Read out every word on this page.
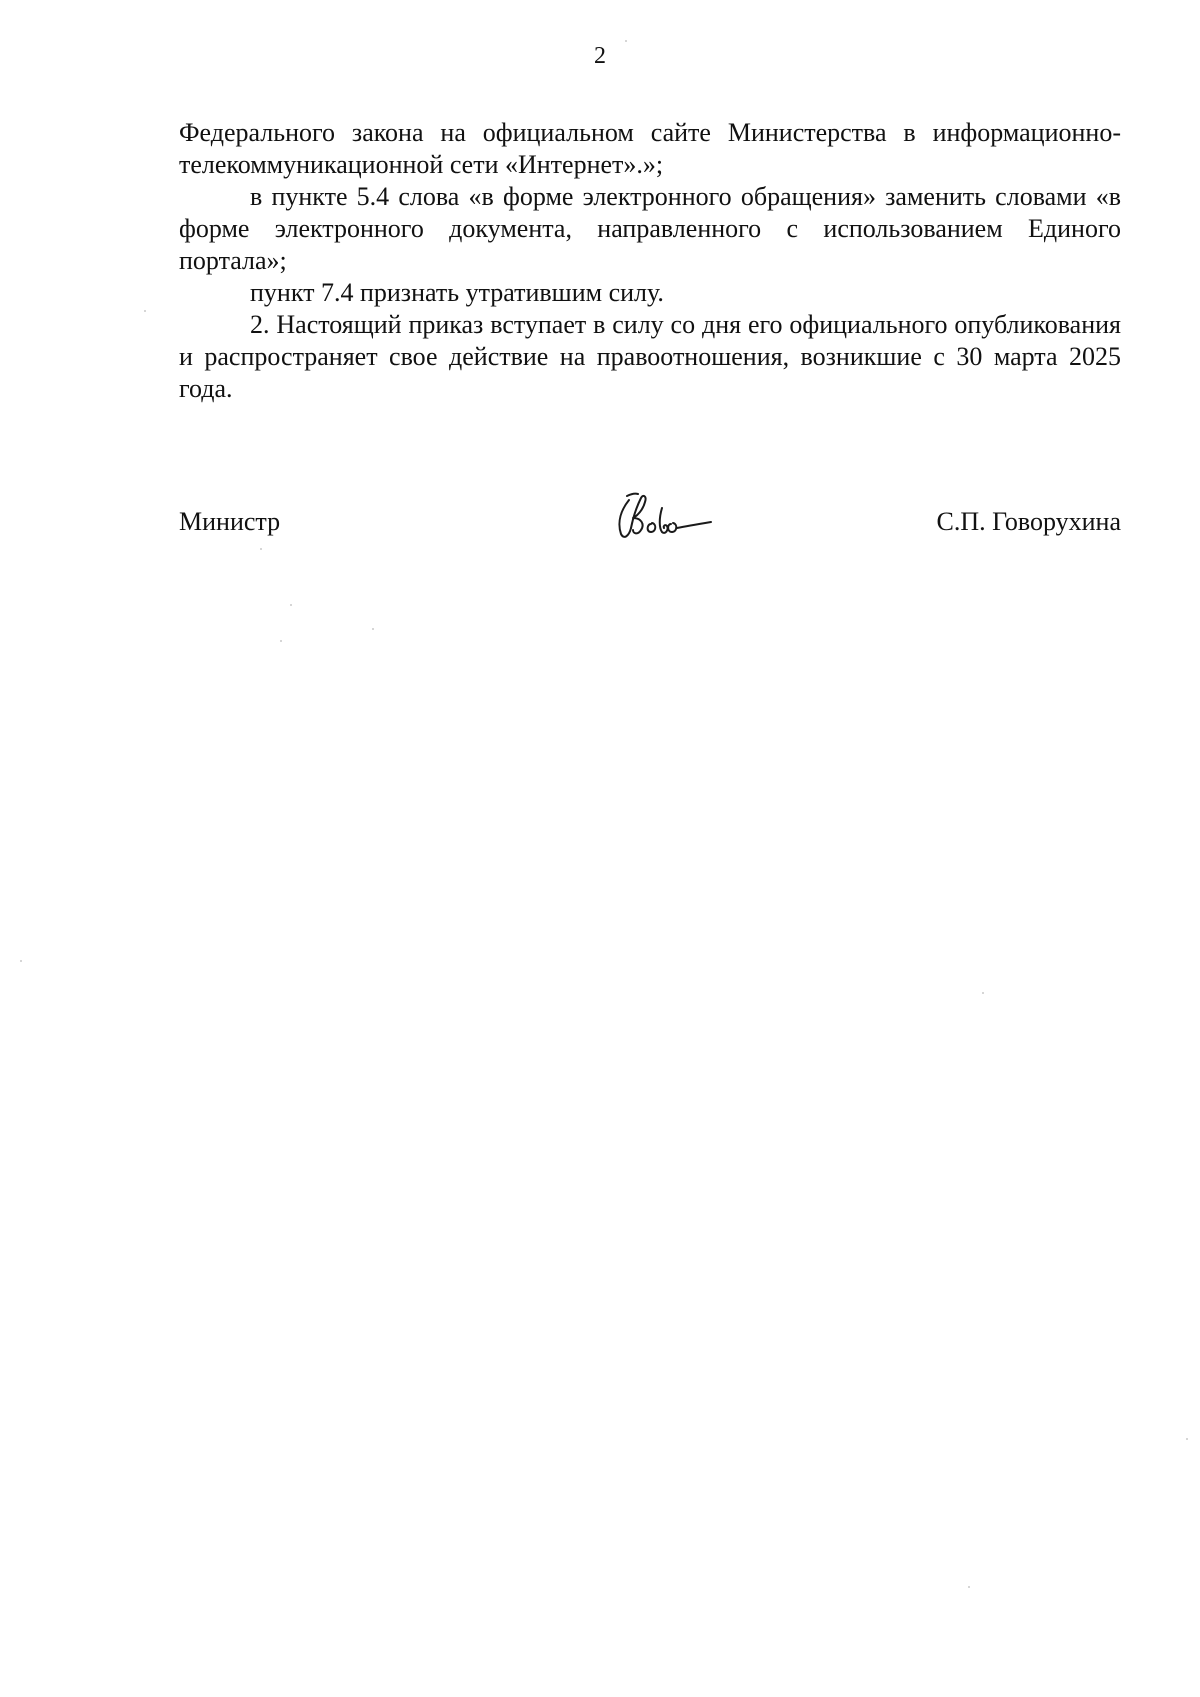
2

Федерального закона на официальном сайте Министерства в информационно-телекоммуникационной сети «Интернет».»;

в пункте 5.4 слова «в форме электронного обращения» заменить словами «в форме электронного документа, направленного с использованием Единого портала»;

пункт 7.4 признать утратившим силу.

2. Настоящий приказ вступает в силу со дня его официального опубликования и распространяет свое действие на правоотношения, возникшие с 30 марта 2025 года.

Министр	С.П. Говорухина
